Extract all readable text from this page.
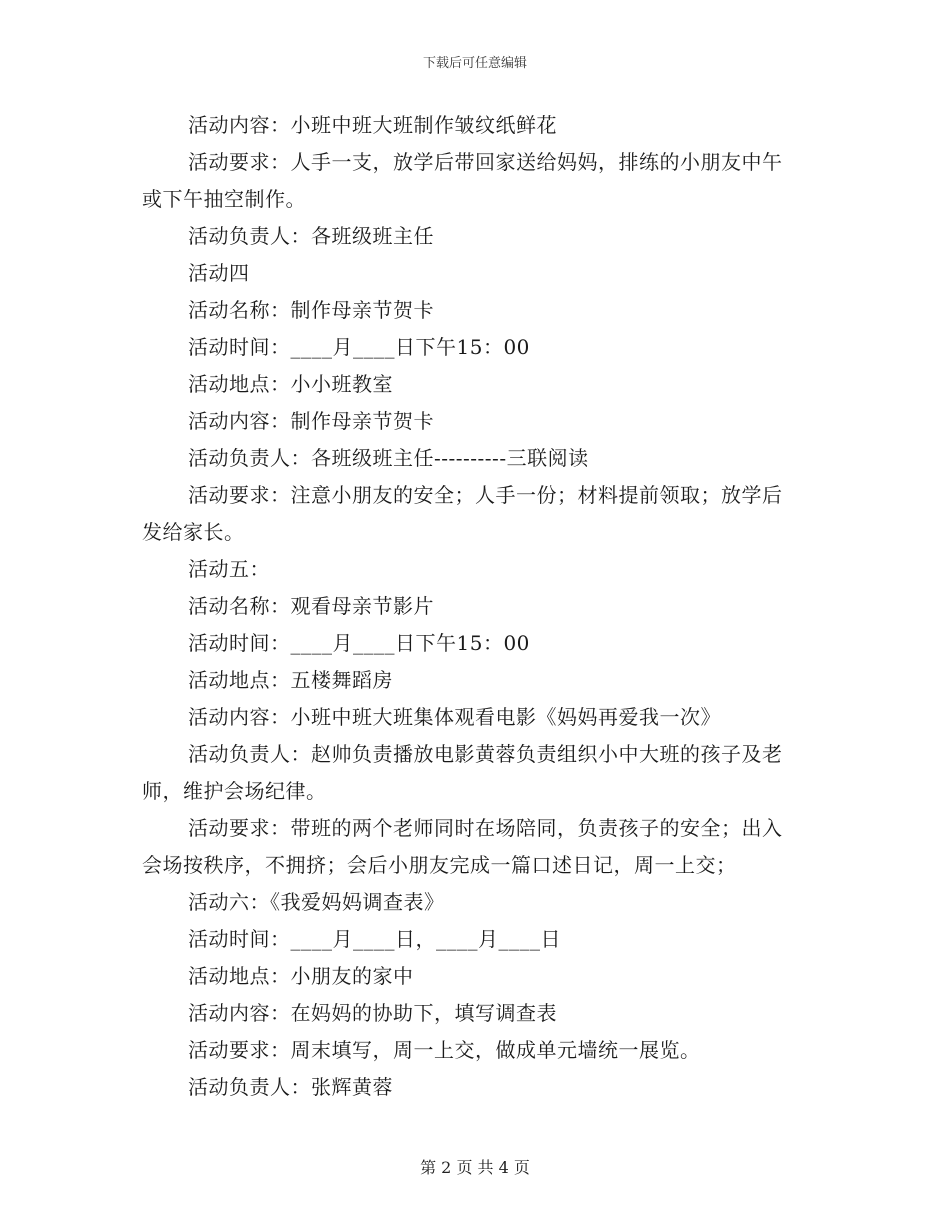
下载后可任意编辑

活动内容：小班中班大班制作皱纹纸鲜花

活动要求：人手一支，放学后带回家送给妈妈，排练的小朋友中午或下午抽空制作。

活动负责人：各班级班主任

活动四

活动名称：制作母亲节贺卡

活动时间：____月____日下午15：00

活动地点：小小班教室

活动内容：制作母亲节贺卡

活动负责人：各班级班主任----------三联阅读

活动要求：注意小朋友的安全；人手一份；材料提前领取；放学后发给家长。

活动五：

活动名称：观看母亲节影片

活动时间：____月____日下午15：00

活动地点：五楼舞蹈房

活动内容：小班中班大班集体观看电影《妈妈再爱我一次》

活动负责人：赵帅负责播放电影黄蓉负责组织小中大班的孩子及老师，维护会场纪律。

活动要求：带班的两个老师同时在场陪同，负责孩子的安全；出入会场按秩序，不拥挤；会后小朋友完成一篇口述日记，周一上交；

活动六：《我爱妈妈调查表》

活动时间：____月____日，____月____日

活动地点：小朋友的家中

活动内容：在妈妈的协助下，填写调查表

活动要求：周末填写，周一上交，做成单元墙统一展览。

活动负责人：张辉黄蓉

第 2 页 共 4 页
